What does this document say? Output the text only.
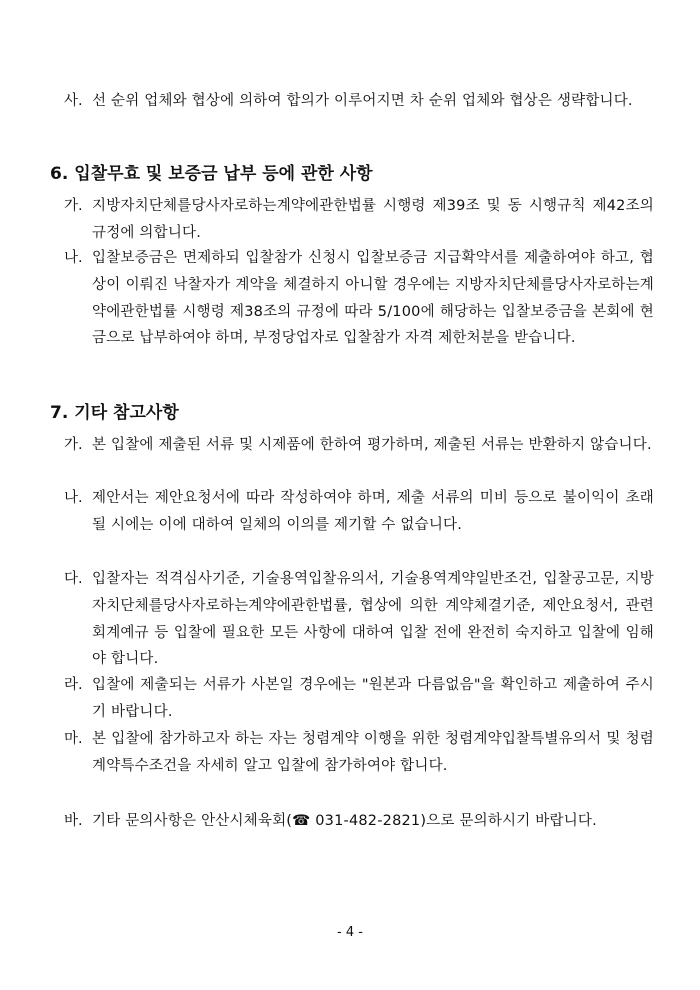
사. 선 순위 업체와 협상에 의하여 합의가 이루어지면 차 순위 업체와 협상은 생략합니다.
6. 입찰무효 및 보증금 납부 등에 관한 사항
가. 지방자치단체를당사자로하는계약에관한법률 시행령 제39조 및 동 시행규칙 제42조의 규정에 의합니다.
나. 입찰보증금은 면제하되 입찰참가 신청시 입찰보증금 지급확약서를 제출하여야 하고, 협상이 이뤄진 낙찰자가 계약을 체결하지 아니할 경우에는 지방자치단체를당사자로하는계약에관한법률 시행령 제38조의 규정에 따라 5/100에 해당하는 입찰보증금을 본회에 현금으로 납부하여야 하며, 부정당업자로 입찰참가 자격 제한처분을 받습니다.
7. 기타 참고사항
가. 본 입찰에 제출된 서류 및 시제품에 한하여 평가하며, 제출된 서류는 반환하지 않습니다.
나. 제안서는 제안요청서에 따라 작성하여야 하며, 제출 서류의 미비 등으로 불이익이 초래될 시에는 이에 대하여 일체의 이의를 제기할 수 없습니다.
다. 입찰자는 적격심사기준, 기술용역입찰유의서, 기술용역계약일반조건, 입찰공고문, 지방자치단체를당사자로하는계약에관한법률, 협상에 의한 계약체결기준, 제안요청서, 관련 회계예규 등 입찰에 필요한 모든 사항에 대하여 입찰 전에 완전히 숙지하고 입찰에 임해야 합니다.
라. 입찰에 제출되는 서류가 사본일 경우에는 "원본과 다름없음"을 확인하고 제출하여 주시기 바랍니다.
마. 본 입찰에 참가하고자 하는 자는 청렴계약 이행을 위한 청렴계약입찰특별유의서 및 청렴계약특수조건을 자세히 알고 입찰에 참가하여야 합니다.
바. 기타 문의사항은 안산시체육회(☎ 031-482-2821)으로 문의하시기 바랍니다.
- 4 -
